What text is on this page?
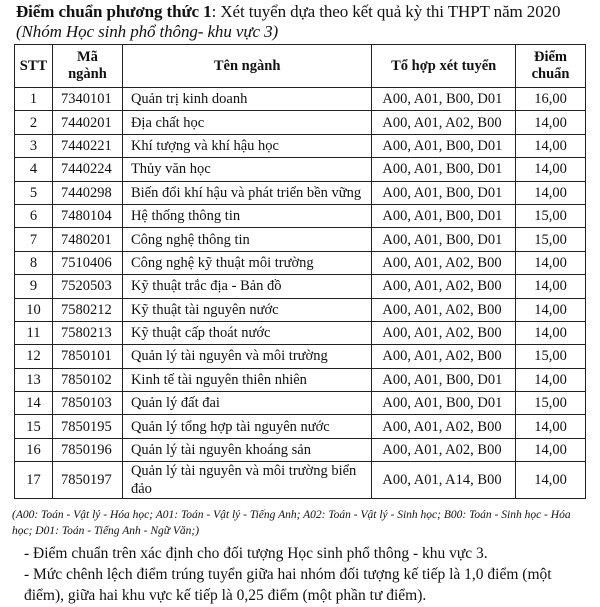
Điểm chuẩn phương thức 1: Xét tuyển dựa theo kết quả kỳ thi THPT năm 2020 (Nhóm Học sinh phổ thông- khu vực 3)
STT	Mã ngành	Tên ngành	Tổ hợp xét tuyển	Điểm chuẩn
1	7340101	Quản trị kinh doanh	A00, A01, B00, D01	16,00
2	7440201	Địa chất học	A00, A01, A02, B00	14,00
3	7440221	Khí tượng và khí hậu học	A00, A01, B00, D01	14,00
4	7440224	Thủy văn học	A00, A01, B00, D01	14,00
5	7440298	Biến đổi khí hậu và phát triển bền vững	A00, A01, B00, D01	14,00
6	7480104	Hệ thống thông tin	A00, A01, B00, D01	15,00
7	7480201	Công nghệ thông tin	A00, A01, B00, D01	15,00
8	7510406	Công nghệ kỹ thuật môi trường	A00, A01, A02, B00	14,00
9	7520503	Kỹ thuật trắc địa - Bản đồ	A00, A01, A02, B00	14,00
10	7580212	Kỹ thuật tài nguyên nước	A00, A01, A02, B00	14,00
11	7580213	Kỹ thuật cấp thoát nước	A00, A01, A02, B00	14,00
12	7850101	Quản lý tài nguyên và môi trường	A00, A01, A02, B00	15,00
13	7850102	Kinh tế tài nguyên thiên nhiên	A00, A01, B00, D01	14,00
14	7850103	Quản lý đất đai	A00, A01, B00, D01	15,00
15	7850195	Quản lý tổng hợp tài nguyên nước	A00, A01, A02, B00	14,00
16	7850196	Quản lý tài nguyên khoáng sản	A00, A01, A02, B00	14,00
17	7850197	Quản lý tài nguyên và môi trường biển đảo	A00, A01, A14, B00	14,00
(A00: Toán - Vật lý - Hóa học; A01: Toán - Vật lý - Tiếng Anh; A02: Toán - Vật lý - Sinh học; B00: Toán - Sinh học - Hóa học; D01: Toán - Tiếng Anh - Ngữ Văn;)

- Điểm chuẩn trên xác định cho đối tượng Học sinh phổ thông - khu vực 3.

- Mức chênh lệch điểm trúng tuyển giữa hai nhóm đối tượng kế tiếp là 1,0 điểm (một điểm), giữa hai khu vực kế tiếp là 0,25 điểm (một phần tư điểm).
